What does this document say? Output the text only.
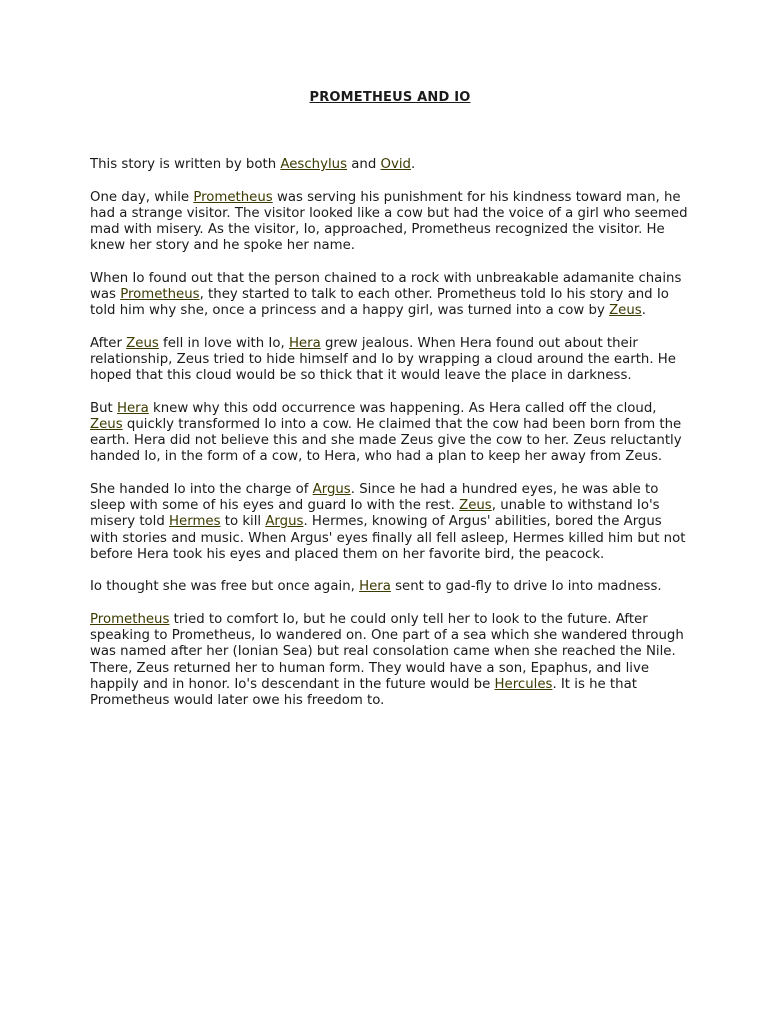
PROMETHEUS AND IO

This story is written by both Aeschylus and Ovid.

One day, while Prometheus was serving his punishment for his kindness toward man, he had a strange visitor. The visitor looked like a cow but had the voice of a girl who seemed mad with misery. As the visitor, Io, approached, Prometheus recognized the visitor. He knew her story and he spoke her name.

When Io found out that the person chained to a rock with unbreakable adamanite chains was Prometheus, they started to talk to each other. Prometheus told Io his story and Io told him why she, once a princess and a happy girl, was turned into a cow by Zeus.

After Zeus fell in love with Io, Hera grew jealous. When Hera found out about their relationship, Zeus tried to hide himself and Io by wrapping a cloud around the earth. He hoped that this cloud would be so thick that it would leave the place in darkness.

But Hera knew why this odd occurrence was happening. As Hera called off the cloud, Zeus quickly transformed Io into a cow. He claimed that the cow had been born from the earth. Hera did not believe this and she made Zeus give the cow to her. Zeus reluctantly handed Io, in the form of a cow, to Hera, who had a plan to keep her away from Zeus.

She handed Io into the charge of Argus. Since he had a hundred eyes, he was able to sleep with some of his eyes and guard Io with the rest. Zeus, unable to withstand Io's misery told Hermes to kill Argus. Hermes, knowing of Argus' abilities, bored the Argus with stories and music. When Argus' eyes finally all fell asleep, Hermes killed him but not before Hera took his eyes and placed them on her favorite bird, the peacock.

Io thought she was free but once again, Hera sent to gad-fly to drive Io into madness.

Prometheus tried to comfort Io, but he could only tell her to look to the future. After speaking to Prometheus, Io wandered on. One part of a sea which she wandered through was named after her (Ionian Sea) but real consolation came when she reached the Nile. There, Zeus returned her to human form. They would have a son, Epaphus, and live happily and in honor. Io's descendant in the future would be Hercules. It is he that Prometheus would later owe his freedom to.
